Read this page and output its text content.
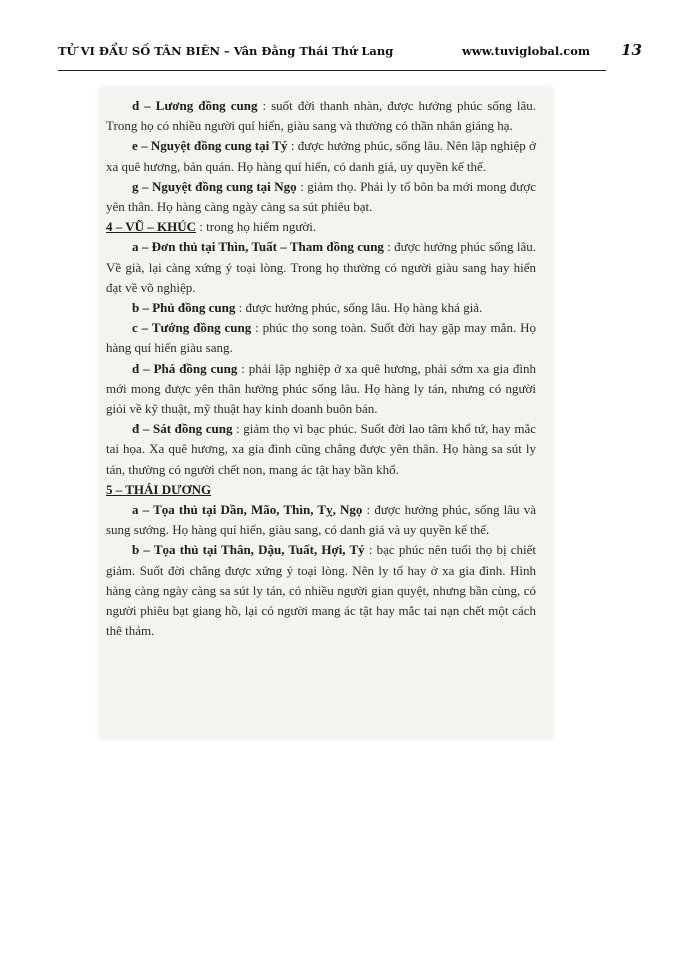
TỬ VI ĐẨU SỐ TÂN BIÊN – Vân Đằng Thái Thứ Lang	www.tuviglobal.com 13

d – Lương đồng cung : suốt đời thanh nhàn, được hưởng phúc sống lâu. Trong họ có nhiều người quí hiển, giàu sang và thường có thần nhân giáng hạ.

e – Nguyệt đồng cung tại Tý : được hưởng phúc, sống lâu. Nên lập nghiệp ở xa quê hương, bản quán. Họ hàng quí hiển, có danh giá, uy quyền kế thế.

g – Nguyệt đồng cung tại Ngọ : giảm thọ. Phải ly tổ bôn ba mới mong được yên thân. Họ hàng càng ngày càng sa sút phiêu bạt.

4 – VŨ – KHÚC : trong họ hiếm người.

a – Đơn thủ tại Thìn, Tuất – Tham đồng cung : được hưởng phúc sống lâu. Về già, lại càng xứng ý toại lòng. Trong họ thường có người giàu sang hay hiển đạt về võ nghiệp.

b – Phủ đồng cung : được hưởng phúc, sống lâu. Họ hàng khá giả.

c – Tướng đồng cung : phúc thọ song toàn. Suốt đời hay gặp may mắn. Họ hàng quí hiển giàu sang.

d – Phá đồng cung : phải lập nghiệp ở xa quê hương, phải sớm xa gia đình mới mong được yên thân hưởng phúc sống lâu. Họ hàng ly tán, nhưng có người giỏi về kỹ thuật, mỹ thuật hay kinh doanh buôn bán.

đ – Sát đồng cung : giảm thọ vì bạc phúc. Suốt đời lao tâm khổ tứ, hay mắc tai họa. Xa quê hương, xa gia đình cũng chẳng được yên thân. Họ hàng sa sút ly tán, thường có người chết non, mang ác tật hay bần khổ.

5 – THÁI DƯƠNG

a – Tọa thủ tại Dần, Mão, Thìn, Tỵ, Ngọ : được hưởng phúc, sống lâu và sung sướng. Họ hàng quí hiển, giàu sang, có danh giá và uy quyền kế thế.

b – Tọa thủ tại Thân, Dậu, Tuất, Hợi, Tý : bạc phúc nên tuổi thọ bị chiết giảm. Suốt đời chẳng được xứng ý toại lòng. Nên ly tổ hay ở xa gia đình. Hình hàng càng ngày càng sa sút ly tán, có nhiều người gian quyệt, nhưng bần cùng, có người phiêu bạt giang hồ, lại có người mang ác tật hay mắc tai nạn chết một cách thê thảm.
